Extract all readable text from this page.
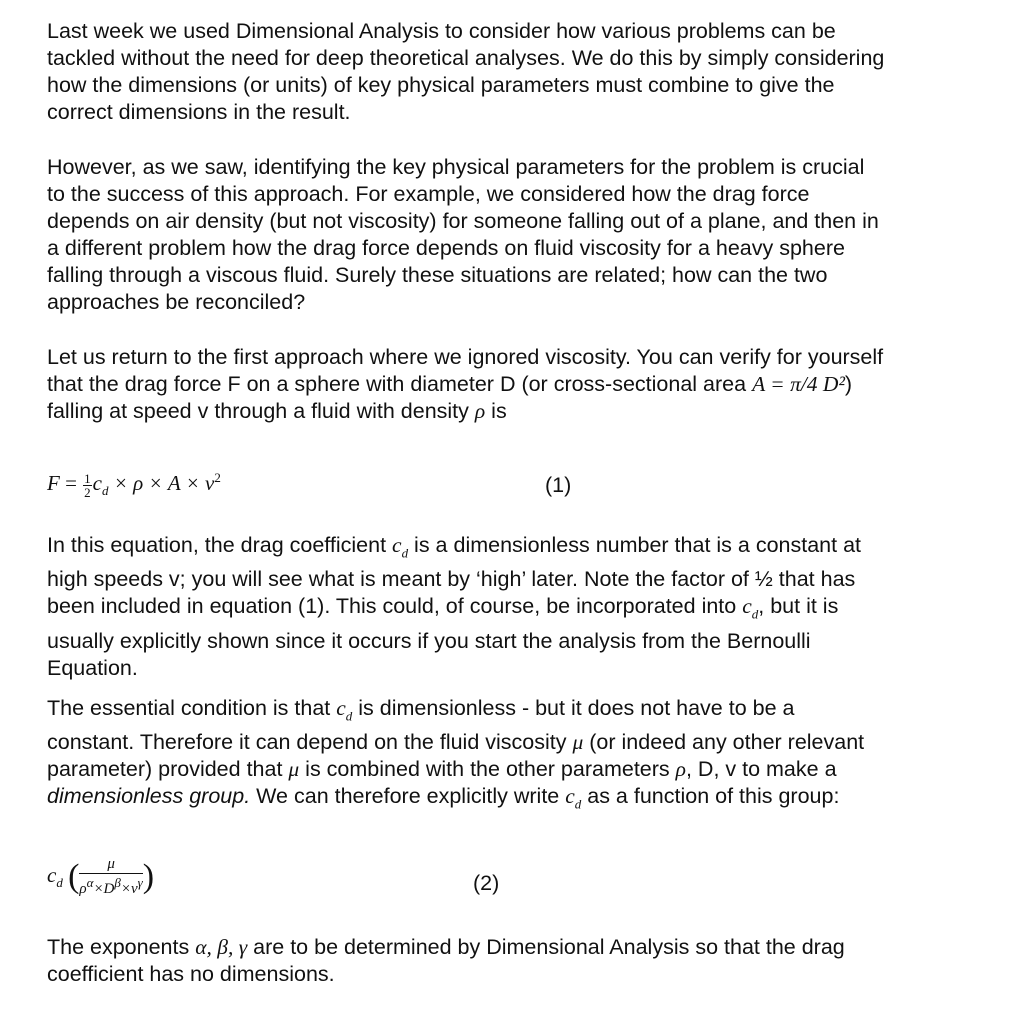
Last week we used Dimensional Analysis to consider how various problems can be tackled without the need for deep theoretical analyses. We do this by simply considering how the dimensions (or units) of key physical parameters must combine to give the correct dimensions in the result.

However, as we saw, identifying the key physical parameters for the problem is crucial to the success of this approach. For example, we considered how the drag force depends on air density (but not viscosity) for someone falling out of a plane, and then in a different problem how the drag force depends on fluid viscosity for a heavy sphere falling through a viscous fluid. Surely these situations are related; how can the two approaches be reconciled?

Let us return to the first approach where we ignored viscosity. You can verify for yourself that the drag force F on a sphere with diameter D (or cross-sectional area A = π/4 D²) falling at speed v through a fluid with density ρ is

$F = \frac{1}{2} c_d \times \rho \times A \times v^2$	(1)

In this equation, the drag coefficient $c_d$ is a dimensionless number that is a constant at high speeds v; you will see what is meant by ‘high’ later. Note the factor of ½ that has been included in equation (1). This could, of course, be incorporated into $c_d$, but it is usually explicitly shown since it occurs if you start the analysis from the Bernoulli Equation.

The essential condition is that $c_d$ is dimensionless - but it does not have to be a constant. Therefore it can depend on the fluid viscosity μ (or indeed any other relevant parameter) provided that μ is combined with the other parameters ρ, D, v to make a dimensionless group. We can therefore explicitly write $c_d$ as a function of this group:

$c_d$ ( $\frac{\mu}{\rho^\alpha\times D^\beta\times v^\gamma}$ )	(2)

The exponents α, β, γ are to be determined by Dimensional Analysis so that the drag coefficient has no dimensions.
